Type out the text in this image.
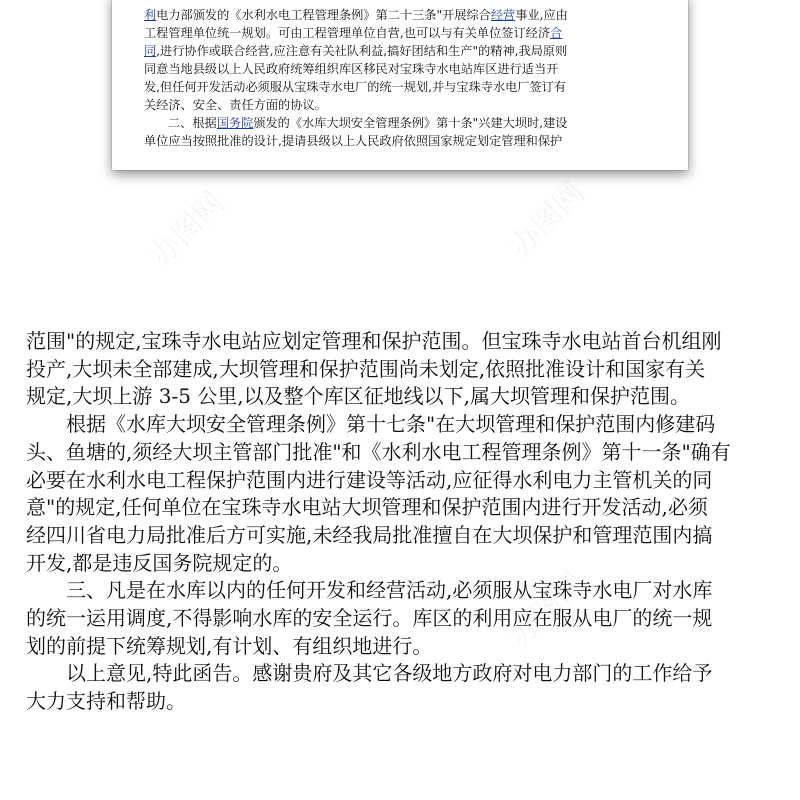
利电力部颁发的《水利水电工程管理条例》第二十三条"开展综合经营事业,应由
工程管理单位统一规划。可由工程管理单位自营,也可以与有关单位签订经济合
同,进行协作或联合经营,应注意有关社队利益,搞好团结和生产"的精神,我局原则
同意当地县级以上人民政府统筹组织库区移民对宝珠寺水电站库区进行适当开
发,但任何开发活动必须服从宝珠寺水电厂的统一规划,并与宝珠寺水电厂签订有
关经济、安全、责任方面的协议。
二、根据国务院颁发的《水库大坝安全管理条例》第十条"兴建大坝时,建设
单位应当按照批准的设计,提请县级以上人民政府依照国家规定划定管理和保护
范围"的规定,宝珠寺水电站应划定管理和保护范围。但宝珠寺水电站首台机组刚
投产,大坝未全部建成,大坝管理和保护范围尚未划定,依照批准设计和国家有关
规定,大坝上游 3-5 公里,以及整个库区征地线以下,属大坝管理和保护范围。
根据《水库大坝安全管理条例》第十七条"在大坝管理和保护范围内修建码
头、鱼塘的,须经大坝主管部门批准"和《水利水电工程管理条例》第十一条"确有
必要在水利水电工程保护范围内进行建设等活动,应征得水利电力主管机关的同
意"的规定,任何单位在宝珠寺水电站大坝管理和保护范围内进行开发活动,必须
经四川省电力局批准后方可实施,未经我局批准擅自在大坝保护和管理范围内搞
开发,都是违反国务院规定的。
三、凡是在水库以内的任何开发和经营活动,必须服从宝珠寺水电厂对水库
的统一运用调度,不得影响水库的安全运行。库区的利用应在服从电厂的统一规
划的前提下统筹规划,有计划、有组织地进行。
以上意见,特此函告。感谢贵府及其它各级地方政府对电力部门的工作给予
大力支持和帮助。
